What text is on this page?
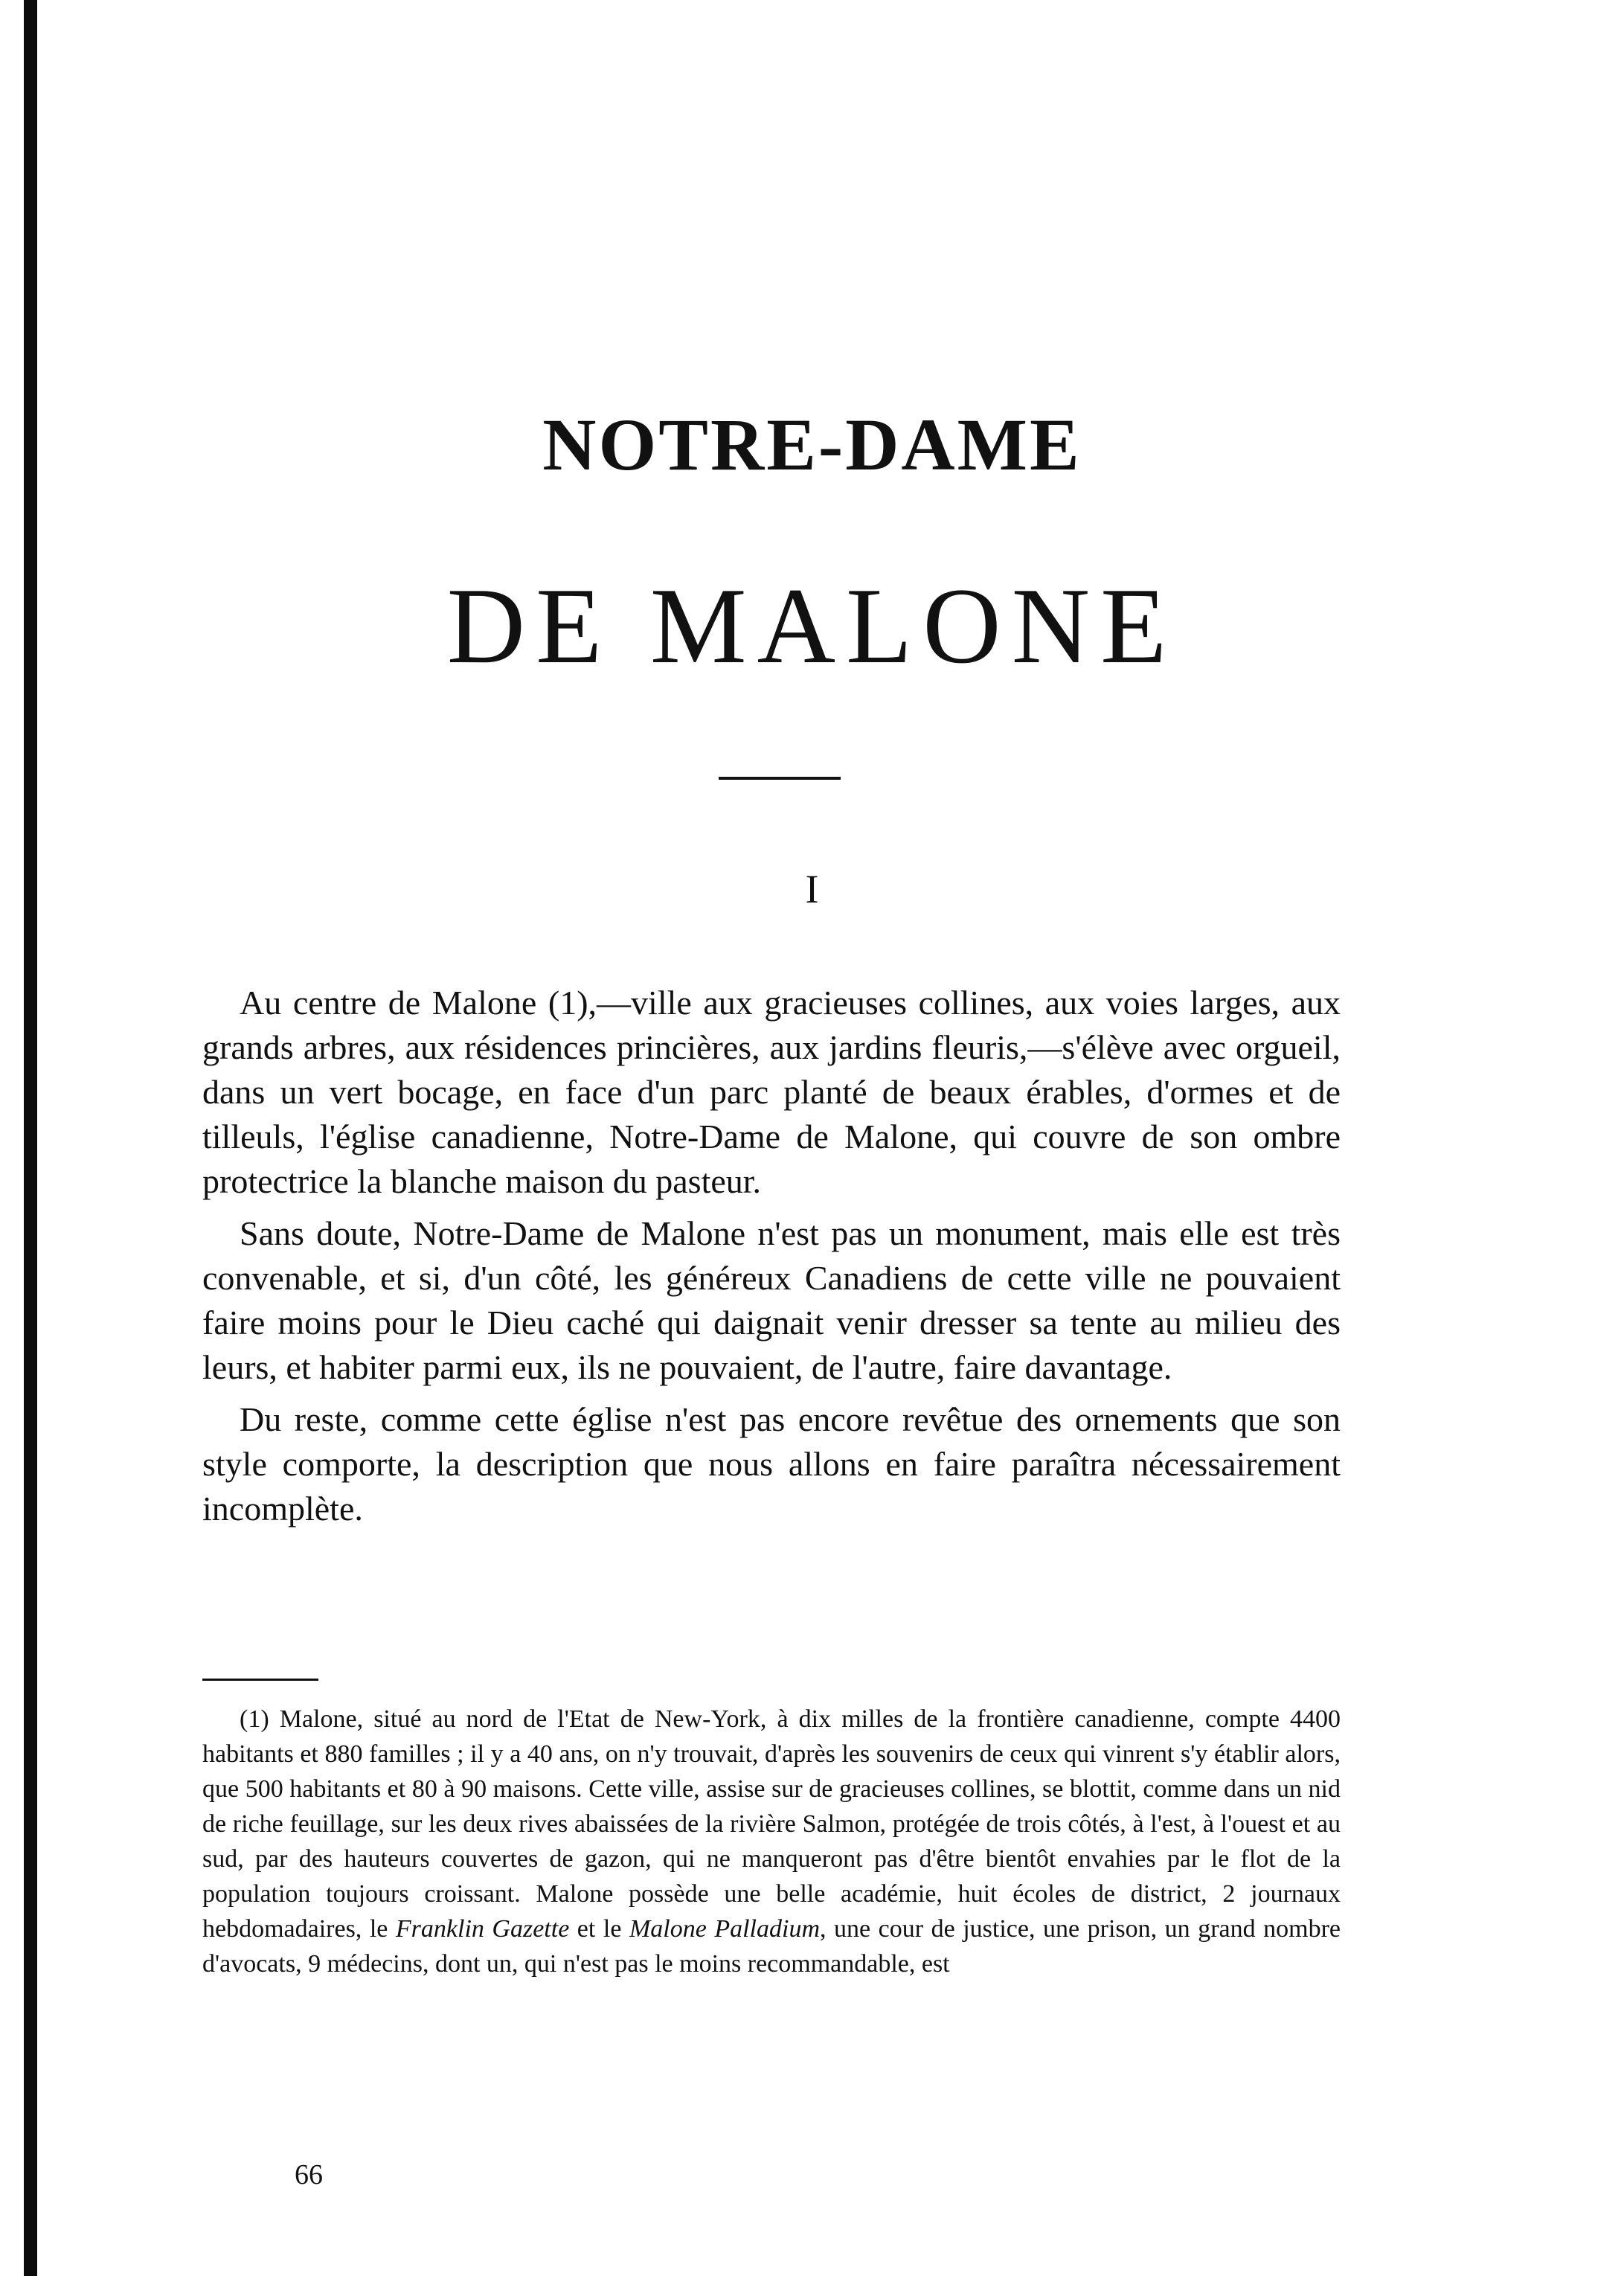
NOTRE-DAME
DE MALONE
I

Au centre de Malone (1),—ville aux gracieuses collines, aux voies larges, aux grands arbres, aux résidences princières, aux jardins fleuris,—s'élève avec orgueil, dans un vert bocage, en face d'un parc planté de beaux érables, d'ormes et de tilleuls, l'église canadienne, Notre-Dame de Malone, qui couvre de son ombre protectrice la blanche maison du pasteur.

Sans doute, Notre-Dame de Malone n'est pas un monument, mais elle est très convenable, et si, d'un côté, les généreux Canadiens de cette ville ne pouvaient faire moins pour le Dieu caché qui daignait venir dresser sa tente au milieu des leurs, et habiter parmi eux, ils ne pouvaient, de l'autre, faire davantage.

Du reste, comme cette église n'est pas encore revêtue des ornements que son style comporte, la description que nous allons en faire paraîtra nécessairement incomplète.

(1) Malone, situé au nord de l'Etat de New-York, à dix milles de la frontière canadienne, compte 4400 habitants et 880 familles ; il y a 40 ans, on n'y trouvait, d'après les souvenirs de ceux qui vinrent s'y établir alors, que 500 habitants et 80 à 90 maisons. Cette ville, assise sur de gracieuses collines, se blottit, comme dans un nid de riche feuillage, sur les deux rives abaissées de la rivière Salmon, protégée de trois côtés, à l'est, à l'ouest et au sud, par des hauteurs couvertes de gazon, qui ne manqueront pas d'être bientôt envahies par le flot de la population toujours croissant. Malone possède une belle académie, huit écoles de district, 2 journaux hebdomadaires, le Franklin Gazette et le Malone Palladium, une cour de justice, une prison, un grand nombre d'avocats, 9 médecins, dont un, qui n'est pas le moins recommandable, est

66
